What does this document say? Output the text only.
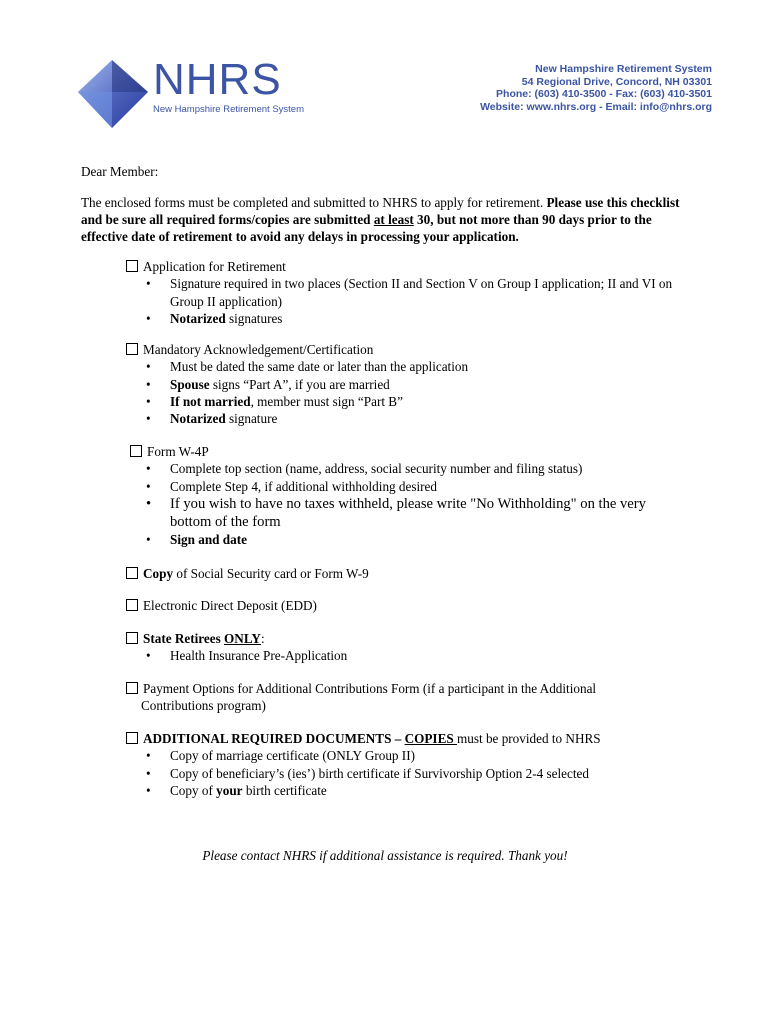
NHRS
New Hampshire Retirement System
New Hampshire Retirement System
54 Regional Drive, Concord, NH 03301
Phone: (603) 410-3500 - Fax: (603) 410-3501
Website: www.nhrs.org - Email: info@nhrs.org
Dear Member:
The enclosed forms must be completed and submitted to NHRS to apply for retirement. Please use this checklist and be sure all required forms/copies are submitted at least 30, but not more than 90 days prior to the effective date of retirement to avoid any delays in processing your application.
Application for Retirement
• Signature required in two places (Section II and Section V on Group I application; II and VI on Group II application)
• Notarized signatures
Mandatory Acknowledgement/Certification
• Must be dated the same date or later than the application
• Spouse signs “Part A”, if you are married
• If not married, member must sign “Part B”
• Notarized signature
Form W-4P
• Complete top section (name, address, social security number and filing status)
• Complete Step 4, if additional withholding desired
• If you wish to have no taxes withheld, please write "No Withholding" on the very
bottom of the form
• Sign and date
Copy of Social Security card or Form W-9
Electronic Direct Deposit (EDD)
State Retirees ONLY:
• Health Insurance Pre-Application
Payment Options for Additional Contributions Form (if a participant in the Additional
Contributions program)
ADDITIONAL REQUIRED DOCUMENTS – COPIES must be provided to NHRS
• Copy of marriage certificate (ONLY Group II)
• Copy of beneficiary’s (ies’) birth certificate if Survivorship Option 2-4 selected
• Copy of your birth certificate
Please contact NHRS if additional assistance is required. Thank you!
